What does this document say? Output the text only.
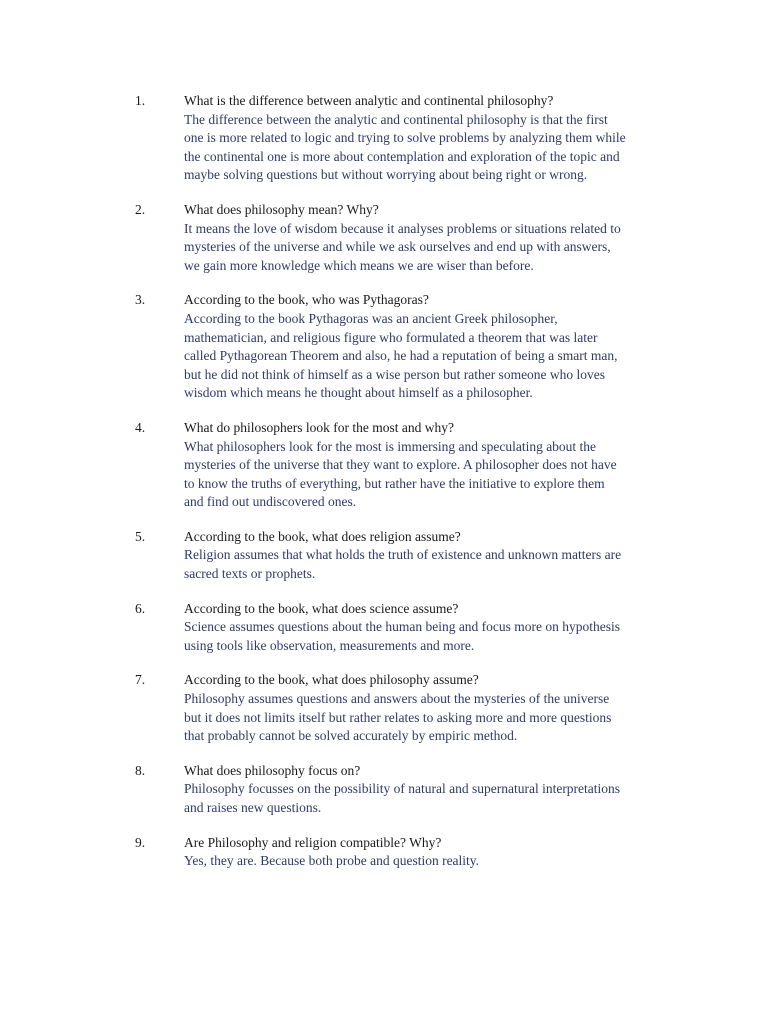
1.	What is the difference between analytic and continental philosophy?
The difference between the analytic and continental philosophy is that the first
one is more related to logic and trying to solve problems by analyzing them while
the continental one is more about contemplation and exploration of the topic and
maybe solving questions but without worrying about being right or wrong.
2.	What does philosophy mean? Why?
It means the love of wisdom because it analyses problems or situations related to
mysteries of the universe and while we ask ourselves and end up with answers,
we gain more knowledge which means we are wiser than before.
3.	According to the book, who was Pythagoras?
According to the book Pythagoras was an ancient Greek philosopher,
mathematician, and religious figure who formulated a theorem that was later
called Pythagorean Theorem and also, he had a reputation of being a smart man,
but he did not think of himself as a wise person but rather someone who loves
wisdom which means he thought about himself as a philosopher.
4.	What do philosophers look for the most and why?
What philosophers look for the most is immersing and speculating about the
mysteries of the universe that they want to explore. A philosopher does not have
to know the truths of everything, but rather have the initiative to explore them
and find out undiscovered ones.
5.	According to the book, what does religion assume?
Religion assumes that what holds the truth of existence and unknown matters are
sacred texts or prophets.
6.	According to the book, what does science assume?
Science assumes questions about the human being and focus more on hypothesis
using tools like observation, measurements and more.
7.	According to the book, what does philosophy assume?
Philosophy assumes questions and answers about the mysteries of the universe
but it does not limits itself but rather relates to asking more and more questions
that probably cannot be solved accurately by empiric method.
8.	What does philosophy focus on?
Philosophy focusses on the possibility of natural and supernatural interpretations
and raises new questions.
9.	Are Philosophy and religion compatible? Why?
Yes, they are. Because both probe and question reality.
